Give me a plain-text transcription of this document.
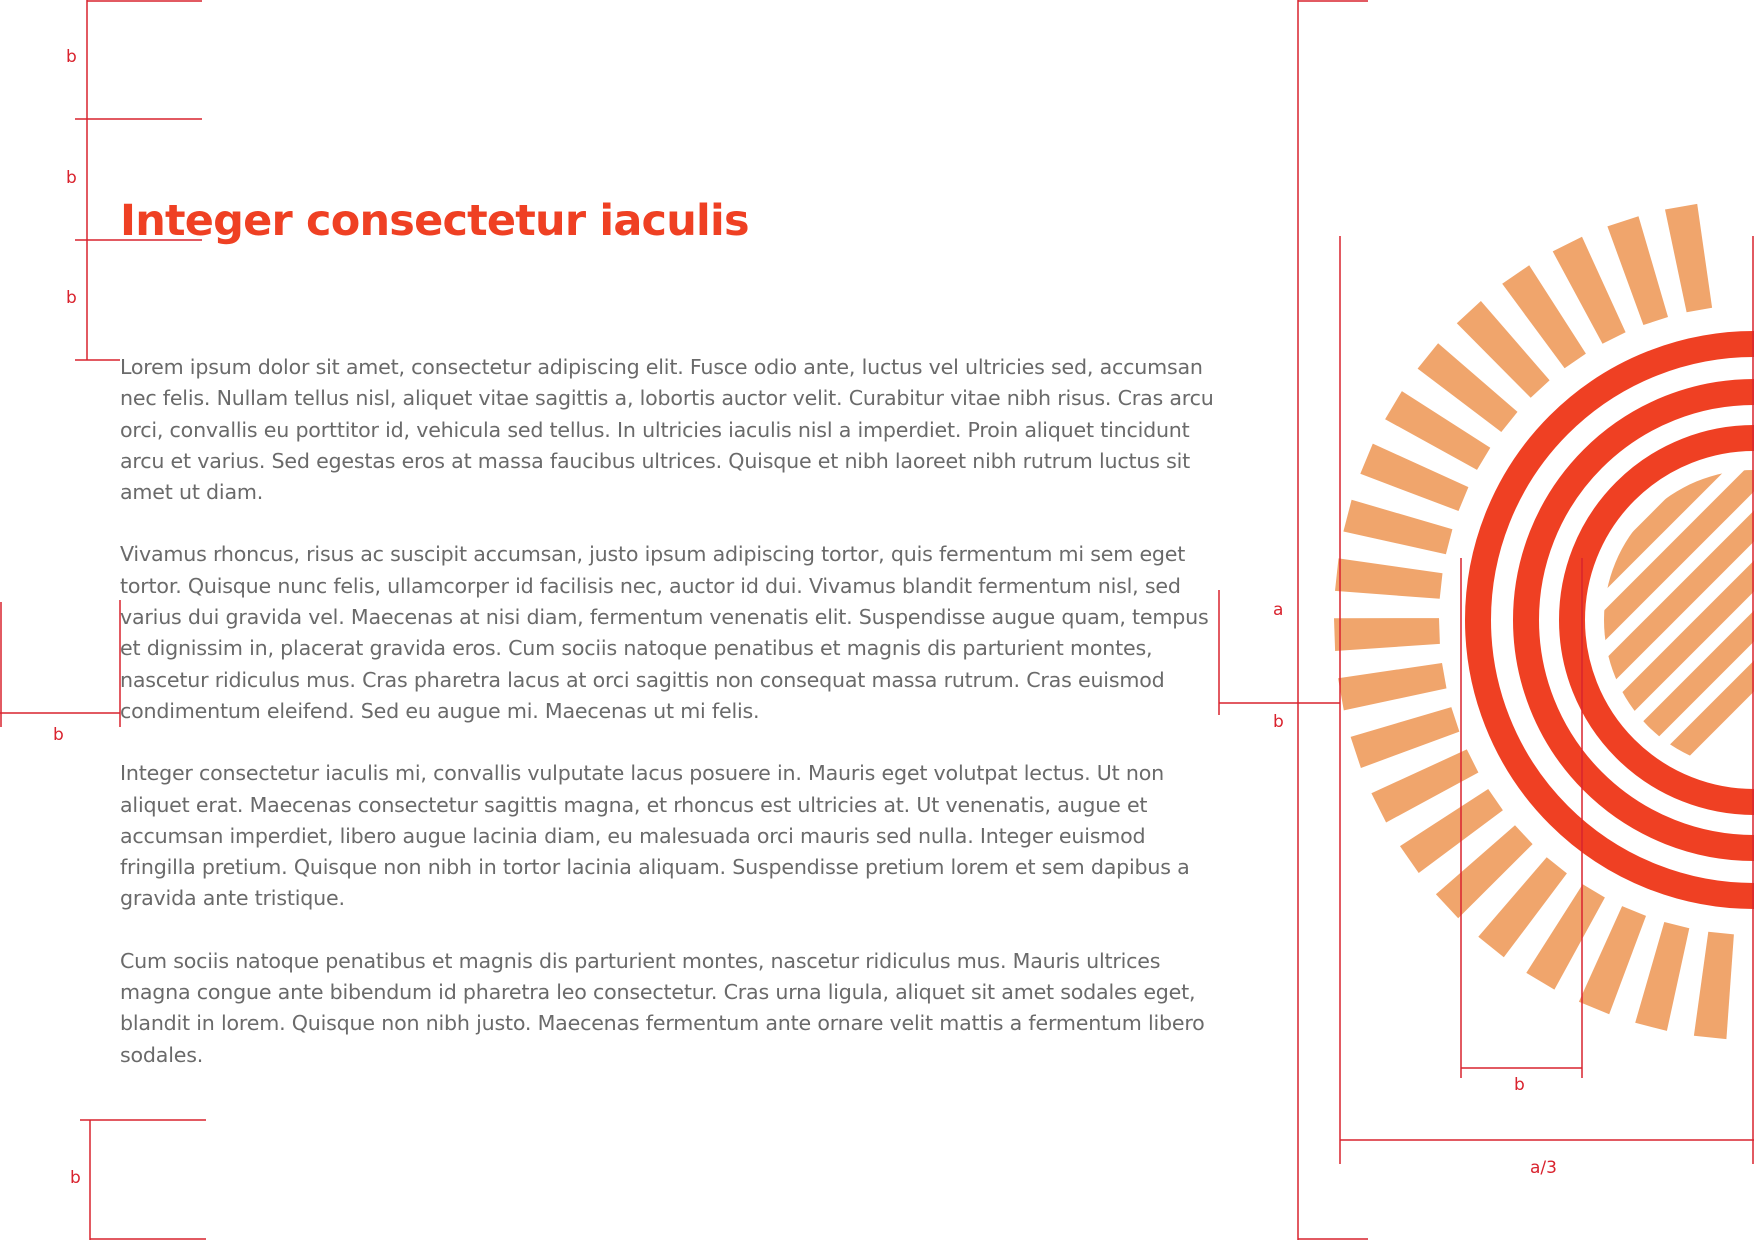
b
b
b
b
b
a
b
b
a/3
Integer consectetur iaculis

Lorem ipsum dolor sit amet, consectetur adipiscing elit. Fusce odio ante, luctus vel ultricies sed, accumsan nec felis. Nullam tellus nisl, aliquet vitae sagittis a, lobortis auctor velit. Curabitur vitae nibh risus. Cras arcu orci, convallis eu porttitor id, vehicula sed tellus. In ultricies iaculis nisl a imperdiet. Proin aliquet tincidunt arcu et varius. Sed egestas eros at massa faucibus ultrices. Quisque et nibh laoreet nibh rutrum luctus sit amet ut diam.

Vivamus rhoncus, risus ac suscipit accumsan, justo ipsum adipiscing tortor, quis fermentum mi sem eget tortor. Quisque nunc felis, ullamcorper id facilisis nec, auctor id dui. Vivamus blandit fermentum nisl, sed varius dui gravida vel. Maecenas at nisi diam, fermentum venenatis elit. Suspendisse augue quam, tempus et dignissim in, placerat gravida eros. Cum sociis natoque penatibus et magnis dis parturient montes, nascetur ridiculus mus. Cras pharetra lacus at orci sagittis non consequat massa rutrum. Cras euismod condimentum eleifend. Sed eu augue mi. Maecenas ut mi felis.

Integer consectetur iaculis mi, convallis vulputate lacus posuere in. Mauris eget volutpat lectus. Ut non aliquet erat. Maecenas consectetur sagittis magna, et rhoncus est ultricies at. Ut venenatis, augue et accumsan imperdiet, libero augue lacinia diam, eu malesuada orci mauris sed nulla. Integer euismod fringilla pretium. Quisque non nibh in tortor lacinia aliquam. Suspendisse pretium lorem et sem dapibus a gravida ante tristique.

Cum sociis natoque penatibus et magnis dis parturient montes, nascetur ridiculus mus. Mauris ultrices magna congue ante bibendum id pharetra leo consectetur. Cras urna ligula, aliquet sit amet sodales eget, blandit in lorem. Quisque non nibh justo. Maecenas fermentum ante ornare velit mattis a fermentum libero sodales.
